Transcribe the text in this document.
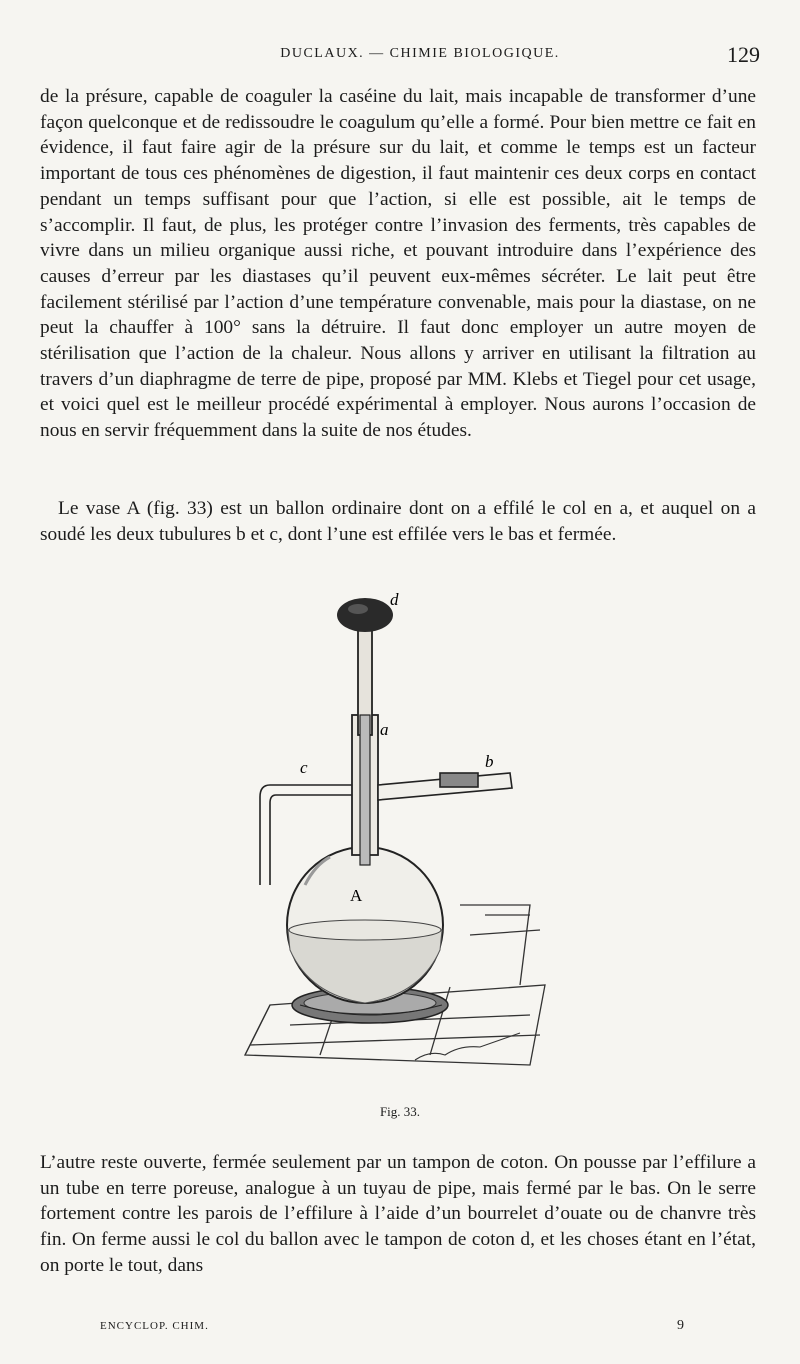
DUCLAUX. — CHIMIE BIOLOGIQUE.	129
de la présure, capable de coaguler la caséine du lait, mais incapable de transformer d’une façon quelconque et de redissoudre le coagulum qu’elle a formé. Pour bien mettre ce fait en évidence, il faut faire agir de la présure sur du lait, et comme le temps est un facteur important de tous ces phénomènes de digestion, il faut maintenir ces deux corps en contact pendant un temps suffisant pour que l’action, si elle est possible, ait le temps de s’accomplir. Il faut, de plus, les protéger contre l’invasion des ferments, très capables de vivre dans un milieu organique aussi riche, et pouvant introduire dans l’expérience des causes d’erreur par les diastases qu’il peuvent eux-mêmes sécréter. Le lait peut être facilement stérilisé par l’action d’une température convenable, mais pour la diastase, on ne peut la chauffer à 100° sans la détruire. Il faut donc employer un autre moyen de stérilisation que l’action de la chaleur. Nous allons y arriver en utilisant la filtration au travers d’un diaphragme de terre de pipe, proposé par MM. Klebs et Tiegel pour cet usage, et voici quel est le meilleur procédé expérimental à employer. Nous aurons l’occasion de nous en servir fréquemment dans la suite de nos études.
Le vase A (fig. 33) est un ballon ordinaire dont on a effilé le col en a, et auquel on a soudé les deux tubulures b et c, dont l’une est effilée vers le bas et fermée.
d
a
b
c
A
Fig. 33.
L’autre reste ouverte, fermée seulement par un tampon de coton. On pousse par l’effilure a un tube en terre poreuse, analogue à un tuyau de pipe, mais fermé par le bas. On le serre fortement contre les parois de l’effilure à l’aide d’un bourrelet d’ouate ou de chanvre très fin. On ferme aussi le col du ballon avec le tampon de coton d, et les choses étant en l’état, on porte le tout, dans
ENCYCLOP. CHIM.	9
